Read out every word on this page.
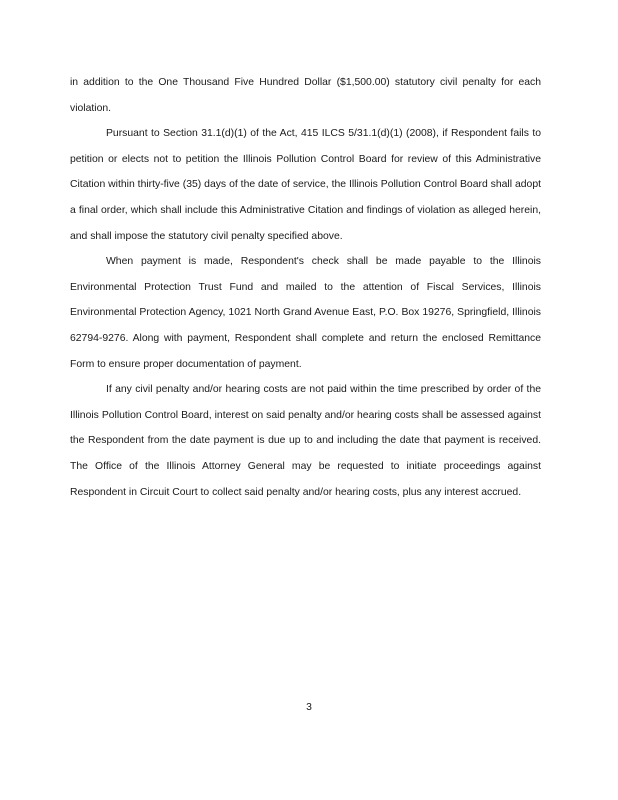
in addition to the One Thousand Five Hundred Dollar ($1,500.00) statutory civil penalty for each violation.

Pursuant to Section 31.1(d)(1) of the Act, 415 ILCS 5/31.1(d)(1) (2008), if Respondent fails to petition or elects not to petition the Illinois Pollution Control Board for review of this Administrative Citation within thirty-five (35) days of the date of service, the Illinois Pollution Control Board shall adopt a final order, which shall include this Administrative Citation and findings of violation as alleged herein, and shall impose the statutory civil penalty specified above.

When payment is made, Respondent's check shall be made payable to the Illinois Environmental Protection Trust Fund and mailed to the attention of Fiscal Services, Illinois Environmental Protection Agency, 1021 North Grand Avenue East, P.O. Box 19276, Springfield, Illinois 62794-9276. Along with payment, Respondent shall complete and return the enclosed Remittance Form to ensure proper documentation of payment.

If any civil penalty and/or hearing costs are not paid within the time prescribed by order of the Illinois Pollution Control Board, interest on said penalty and/or hearing costs shall be assessed against the Respondent from the date payment is due up to and including the date that payment is received. The Office of the Illinois Attorney General may be requested to initiate proceedings against Respondent in Circuit Court to collect said penalty and/or hearing costs, plus any interest accrued.

3
